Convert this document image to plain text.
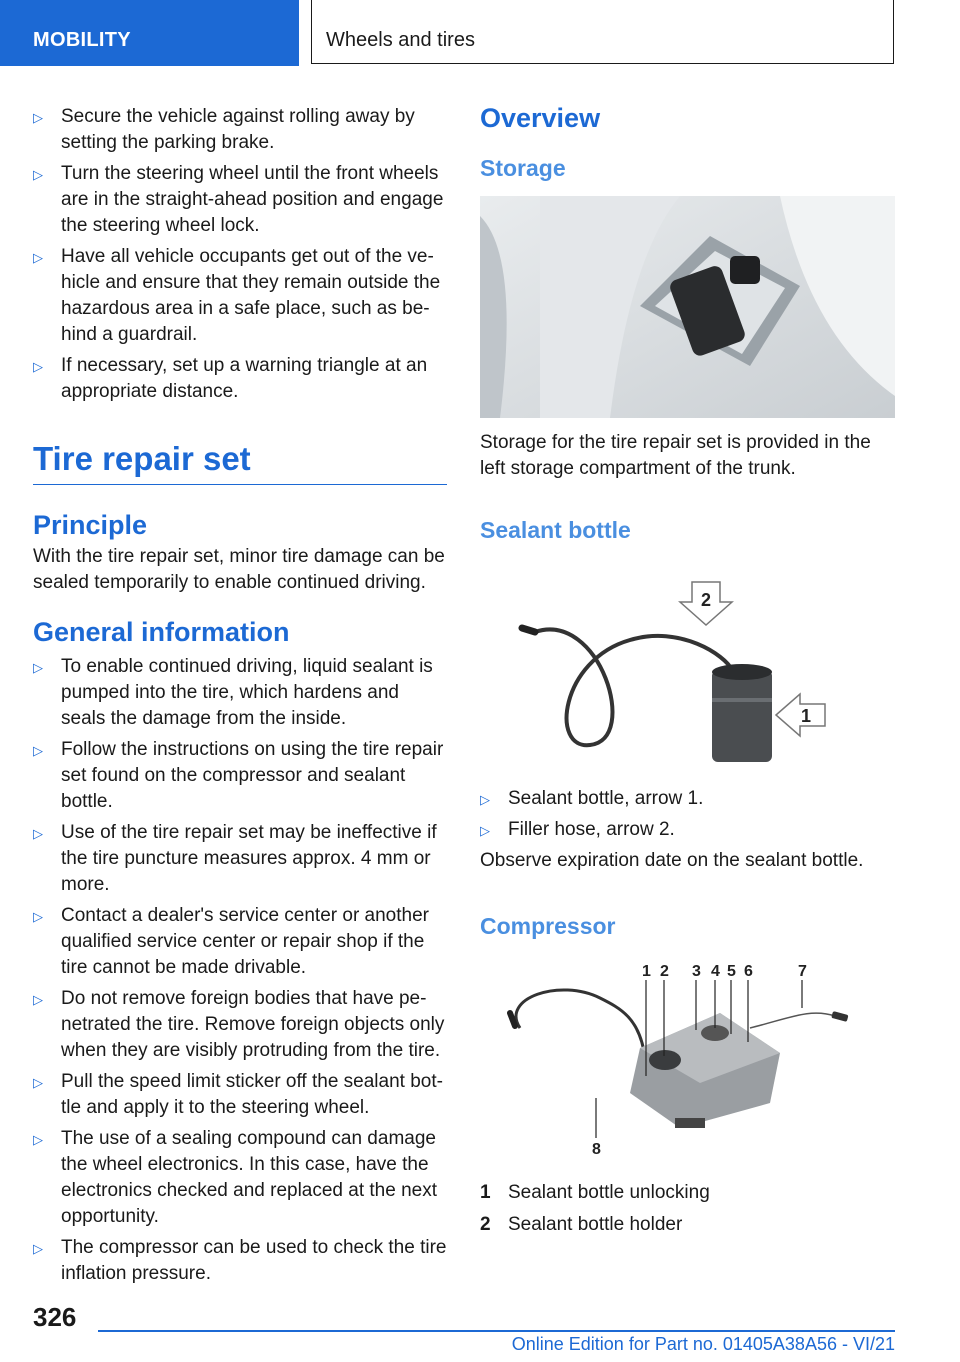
MOBILITY	Wheels and tires
▷ Secure the vehicle against rolling away by setting the parking brake.
▷ Turn the steering wheel until the front wheels are in the straight-ahead position and engage the steering wheel lock.
▷ Have all vehicle occupants get out of the vehicle and ensure that they remain outside the hazardous area in a safe place, such as behind a guardrail.
▷ If necessary, set up a warning triangle at an appropriate distance.
Tire repair set
Principle
With the tire repair set, minor tire damage can be sealed temporarily to enable continued driving.
General information
▷ To enable continued driving, liquid sealant is pumped into the tire, which hardens and seals the damage from the inside.
▷ Follow the instructions on using the tire repair set found on the compressor and sealant bottle.
▷ Use of the tire repair set may be ineffective if the tire puncture measures approx. 4 mm or more.
▷ Contact a dealer's service center or another qualified service center or repair shop if the tire cannot be made drivable.
▷ Do not remove foreign bodies that have penetrated the tire. Remove foreign objects only when they are visibly protruding from the tire.
▷ Pull the speed limit sticker off the sealant bottle and apply it to the steering wheel.
▷ The use of a sealing compound can damage the wheel electronics. In this case, have the electronics checked and replaced at the next opportunity.
▷ The compressor can be used to check the tire inflation pressure.
Overview
Storage
Storage for the tire repair set is provided in the left storage compartment of the trunk.
Sealant bottle
2
1
▷ Sealant bottle, arrow 1.
▷ Filler hose, arrow 2.
Observe expiration date on the sealant bottle.
Compressor
1 2 3 4 5 6	7
8
1 Sealant bottle unlocking
2 Sealant bottle holder
326
Online Edition for Part no. 01405A38A56 - VI/21
